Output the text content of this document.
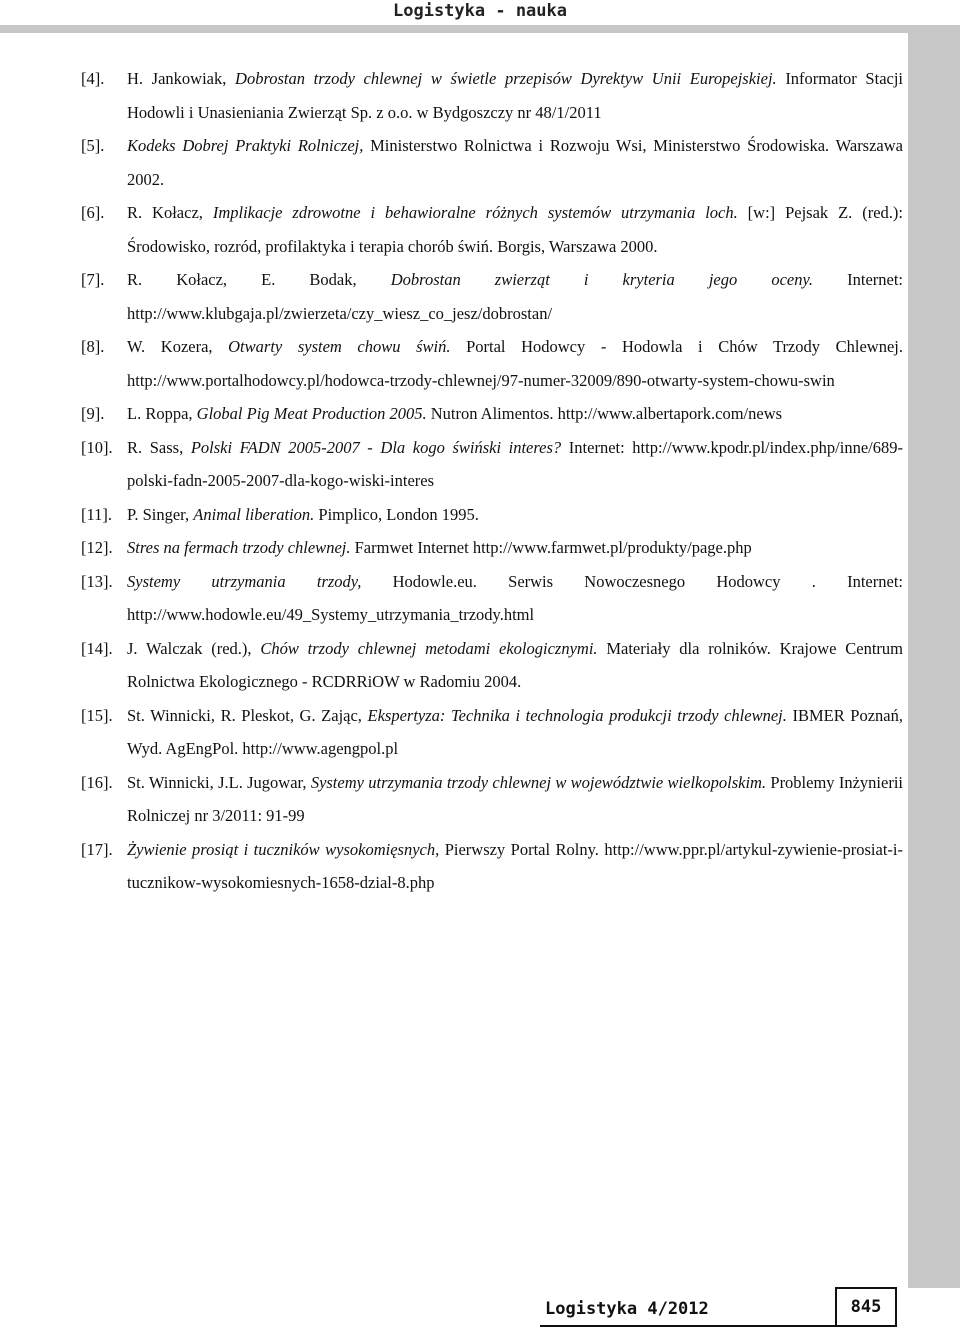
Logistyka - nauka
[4].	H. Jankowiak, Dobrostan trzody chlewnej w świetle przepisów Dyrektyw Unii Europejskiej. Informator Stacji Hodowli i Unasieniania Zwierząt Sp. z o.o. w Bydgoszczy nr 48/1/2011
[5].	Kodeks Dobrej Praktyki Rolniczej, Ministerstwo Rolnictwa i Rozwoju Wsi, Ministerstwo Środowiska. Warszawa 2002.
[6].	R. Kołacz, Implikacje zdrowotne i behawioralne różnych systemów utrzymania loch. [w:] Pejsak Z. (red.): Środowisko, rozród, profilaktyka i terapia chorób świń. Borgis, Warszawa 2000.
[7].	R. Kołacz, E. Bodak, Dobrostan zwierząt i kryteria jego oceny. Internet: http://www.klubgaja.pl/zwierzeta/czy_wiesz_co_jesz/dobrostan/
[8].	W. Kozera, Otwarty system chowu świń. Portal Hodowcy - Hodowla i Chów Trzody Chlewnej. http://www.portalhodowcy.pl/hodowca-trzody-chlewnej/97-numer-32009/890-otwarty-system-chowu-swin
[9].	L. Roppa, Global Pig Meat Production 2005. Nutron Alimentos. http://www.albertapork.com/news
[10]. R. Sass, Polski FADN 2005-2007 - Dla kogo świński interes? Internet: http://www.kpodr.pl/index.php/inne/689-polski-fadn-2005-2007-dla-kogo-wiski-interes
[11]. P. Singer, Animal liberation. Pimplico, London 1995.
[12]. Stres na fermach trzody chlewnej. Farmwet Internet http://www.farmwet.pl/produkty/page.php
[13]. Systemy utrzymania trzody, Hodowle.eu. Serwis Nowoczesnego Hodowcy . Internet: http://www.hodowle.eu/49_Systemy_utrzymania_trzody.html
[14]. J. Walczak (red.), Chów trzody chlewnej metodami ekologicznymi. Materiały dla rolników. Krajowe Centrum Rolnictwa Ekologicznego - RCDRRiOW w Radomiu 2004.
[15]. St. Winnicki, R. Pleskot, G. Zając, Ekspertyza: Technika i technologia produkcji trzody chlewnej. IBMER Poznań, Wyd. AgEngPol. http://www.agengpol.pl
[16]. St. Winnicki, J.L. Jugowar, Systemy utrzymania trzody chlewnej w województwie wielkopolskim. Problemy Inżynierii Rolniczej nr 3/2011: 91-99
[17]. Żywienie prosiąt i tuczników wysokomięsnych, Pierwszy Portal Rolny. http://www.ppr.pl/artykul-zywienie-prosiat-i-tucznikow-wysokomiesnych-1658-dzial-8.php
Logistyka 4/2012	845
